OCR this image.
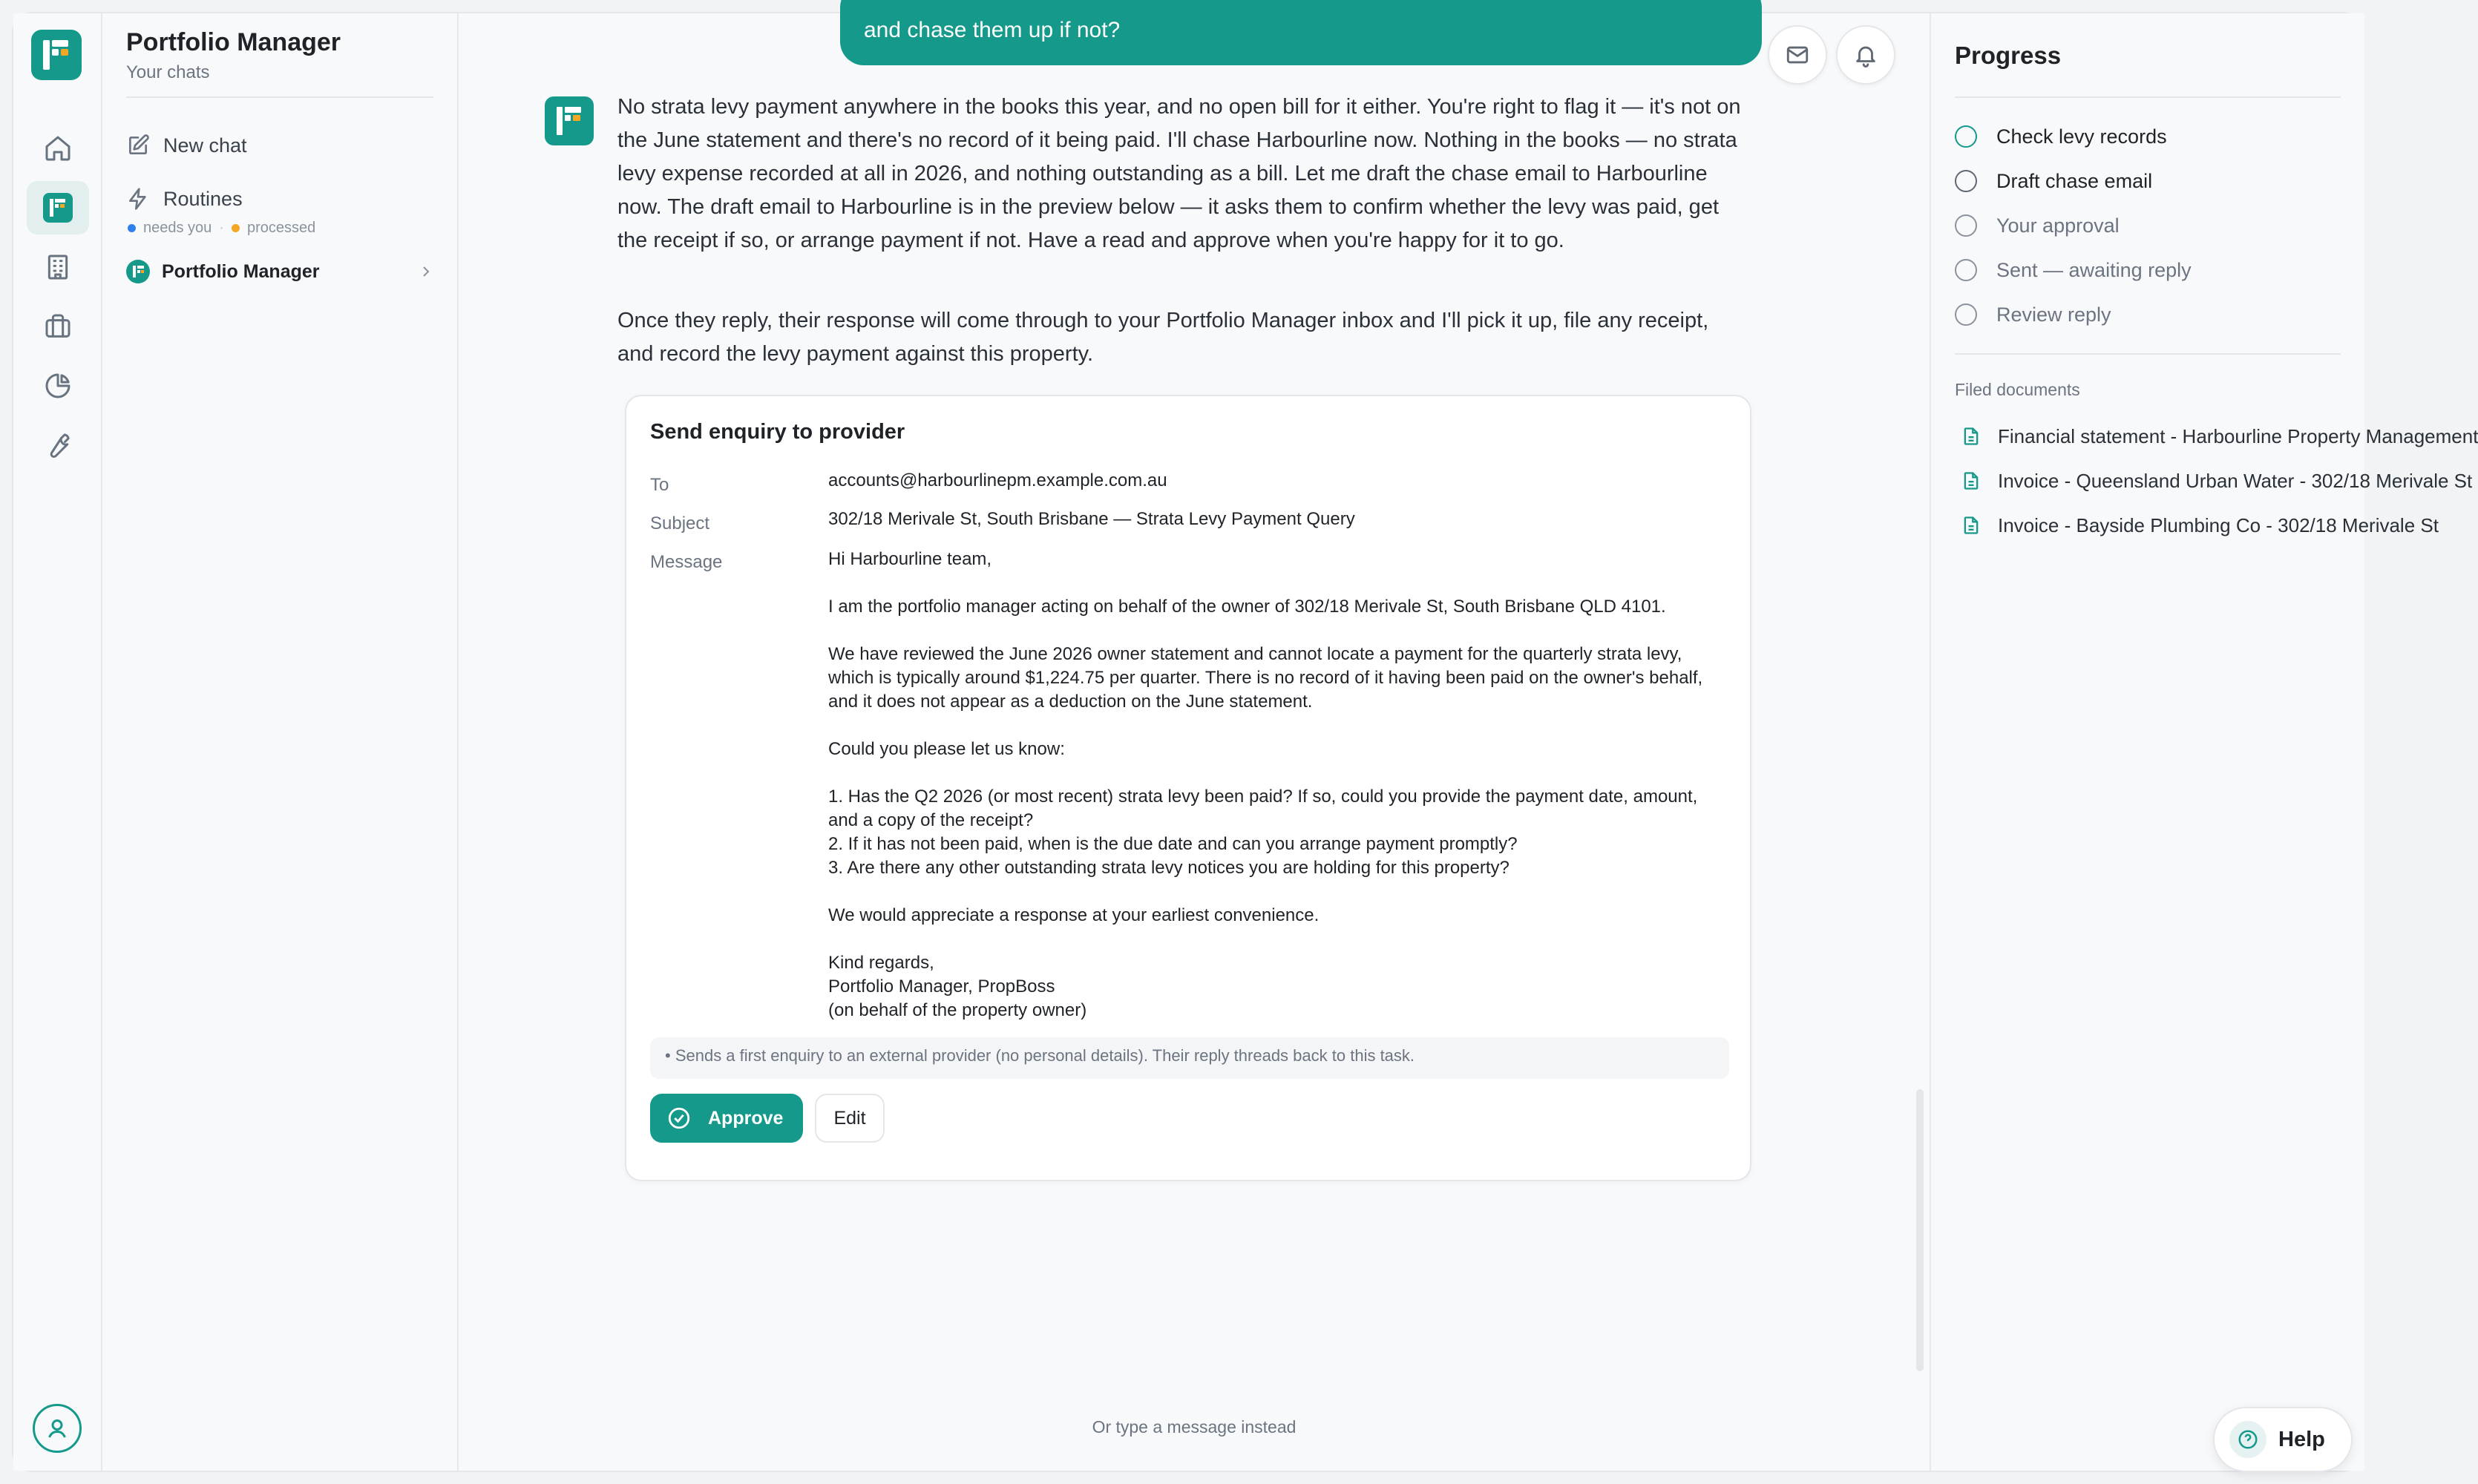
Portfolio Manager
Your chats
New chat
Routines
needs you · processed
Portfolio Manager
and chase them up if not?
No strata levy payment anywhere in the books this year, and no open bill for it either. You're right to flag it — it's not on the June statement and there's no record of it being paid. I'll chase Harbourline now. Nothing in the books — no strata levy expense recorded at all in 2026, and nothing outstanding as a bill. Let me draft the chase email to Harbourline now. The draft email to Harbourline is in the preview below — it asks them to confirm whether the levy was paid, get the receipt if so, or arrange payment if not. Have a read and approve when you're happy for it to go.
Once they reply, their response will come through to your Portfolio Manager inbox and I'll pick it up, file any receipt, and record the levy payment against this property.
Send enquiry to provider
To	accounts@harbourlinepm.example.com.au
Subject	302/18 Merivale St, South Brisbane — Strata Levy Payment Query
Message	Hi Harbourline team,
I am the portfolio manager acting on behalf of the owner of 302/18 Merivale St, South Brisbane QLD 4101.
We have reviewed the June 2026 owner statement and cannot locate a payment for the quarterly strata levy, which is typically around $1,224.75 per quarter. There is no record of it having been paid on the owner's behalf, and it does not appear as a deduction on the June statement.
Could you please let us know:
1. Has the Q2 2026 (or most recent) strata levy been paid? If so, could you provide the payment date, amount, and a copy of the receipt?
2. If it has not been paid, when is the due date and can you arrange payment promptly?
3. Are there any other outstanding strata levy notices you are holding for this property?
We would appreciate a response at your earliest convenience.
Kind regards,
Portfolio Manager, PropBoss
(on behalf of the property owner)
• Sends a first enquiry to an external provider (no personal details). Their reply threads back to this task.
Approve	Edit
Or type a message instead
Progress
Check levy records
Draft chase email
Your approval
Sent — awaiting reply
Review reply
Filed documents
Financial statement - Harbourline Property Management
Invoice - Queensland Urban Water - 302/18 Merivale St
Invoice - Bayside Plumbing Co - 302/18 Merivale St
Help
